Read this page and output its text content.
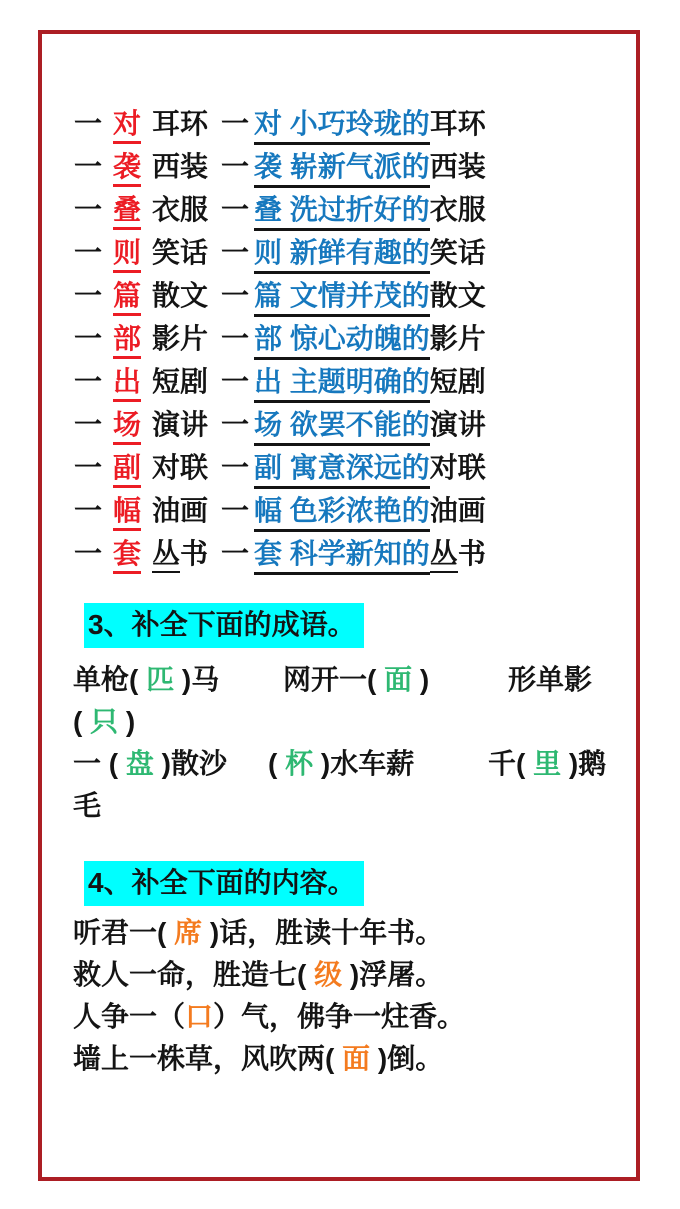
一 对 耳环 一 对 小巧玲珑的耳环
一 袭 西装 一 袭 崭新气派的西装
一 叠 衣服 一 叠 洗过折好的衣服
一 则 笑话 一 则 新鲜有趣的笑话
一 篇 散文 一 篇 文情并茂的散文
一 部 影片 一 部 惊心动魄的影片
一 出 短剧 一 出 主题明确的短剧
一 场 演讲 一 场 欲罢不能的演讲
一 副 对联 一 副 寓意深远的对联
一 幅 油画 一 幅 色彩浓艳的油画
一 套 丛书 一 套 科学新知的丛书
3、补全下面的成语。

单枪( 匹 )马

网开一( 面 )

	形单影

( 只 )

一 ( 盘 )散沙

( 杯 )水车薪

	千( 里 )鹅

毛

4、补全下面的内容。
听君一( 席 )话，胜读十年书。
救人一命，胜造七( 级 )浮屠。
人争一（口）气，佛争一炷香。
墙上一株草，风吹两( 面 )倒。
